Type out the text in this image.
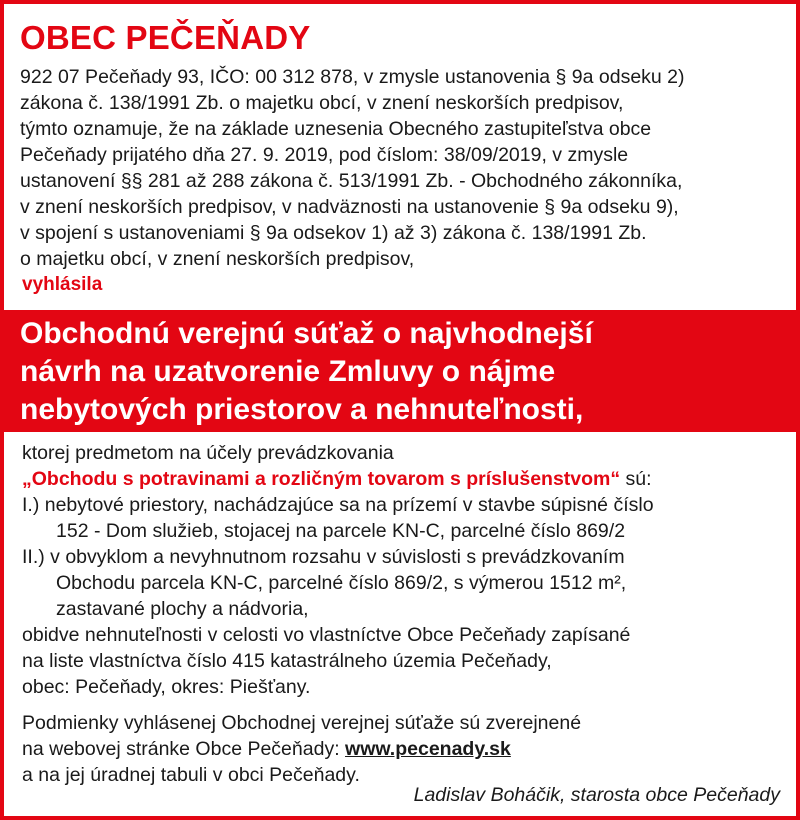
OBEC PEČEŇADY
922 07 Pečeňady 93, IČO: 00 312 878, v zmysle ustanovenia § 9a odseku 2)
zákona č. 138/1991 Zb. o majetku obcí, v znení neskorších predpisov,
týmto oznamuje, že na základe uznesenia Obecného zastupiteľstva obce
Pečeňady prijatého dňa 27. 9. 2019, pod číslom: 38/09/2019, v zmysle
ustanovení §§ 281 až 288 zákona č. 513/1991 Zb. - Obchodného zákonníka,
v znení neskorších predpisov, v nadväznosti na ustanovenie § 9a odseku 9),
v spojení s ustanoveniami § 9a odsekov 1) až 3) zákona č. 138/1991 Zb.
o majetku obcí, v znení neskorších predpisov,
vyhlásila
Obchodnú verejnú súťaž o najvhodnejší
návrh na uzatvorenie Zmluvy o nájme
nebytových priestorov a nehnuteľnosti,
ktorej predmetom na účely prevádzkovania
„Obchodu s potravinami a rozličným tovarom s príslušenstvom“ sú:
I.) nebytové priestory, nachádzajúce sa na prízemí v stavbe súpisné číslo
152 - Dom služieb, stojacej na parcele KN-C, parcelné číslo 869/2
II.) v obvyklom a nevyhnutnom rozsahu v súvislosti s prevádzkovaním
Obchodu parcela KN-C, parcelné číslo 869/2, s výmerou 1512 m²,
zastavané plochy a nádvoria,
obidve nehnuteľnosti v celosti vo vlastníctve Obce Pečeňady zapísané
na liste vlastníctva číslo 415 katastrálneho územia Pečeňady,
obec: Pečeňady, okres: Piešťany.
Podmienky vyhlásenej Obchodnej verejnej súťaže sú zverejnené
na webovej stránke Obce Pečeňady: www.pecenady.sk
a na jej úradnej tabuli v obci Pečeňady.
Ladislav Boháčik, starosta obce Pečeňady
